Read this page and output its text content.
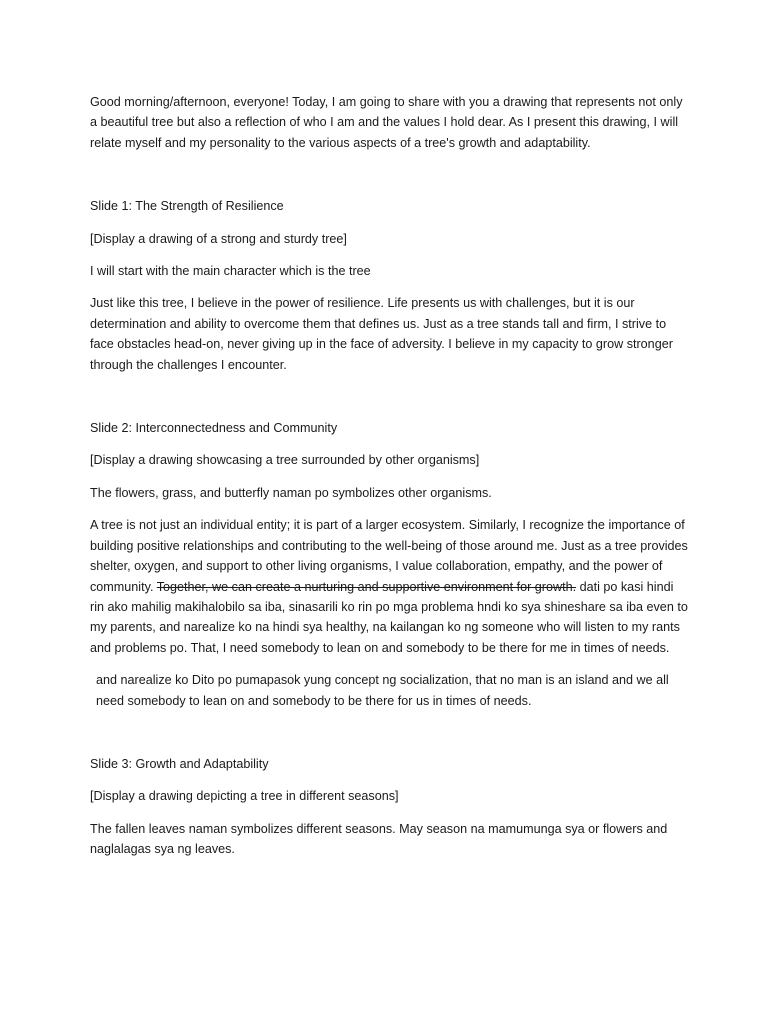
Good morning/afternoon, everyone! Today, I am going to share with you a drawing that represents not only a beautiful tree but also a reflection of who I am and the values I hold dear. As I present this drawing, I will relate myself and my personality to the various aspects of a tree's growth and adaptability.

Slide 1: The Strength of Resilience

[Display a drawing of a strong and sturdy tree]

I will start with the main character which is the tree

Just like this tree, I believe in the power of resilience. Life presents us with challenges, but it is our determination and ability to overcome them that defines us. Just as a tree stands tall and firm, I strive to face obstacles head-on, never giving up in the face of adversity. I believe in my capacity to grow stronger through the challenges I encounter.

Slide 2: Interconnectedness and Community

[Display a drawing showcasing a tree surrounded by other organisms]

The flowers, grass, and butterfly naman po symbolizes other organisms.

A tree is not just an individual entity; it is part of a larger ecosystem. Similarly, I recognize the importance of building positive relationships and contributing to the well-being of those around me. Just as a tree provides shelter, oxygen, and support to other living organisms, I value collaboration, empathy, and the power of community. Together, we can create a nurturing and supportive environment for growth. dati po kasi hindi rin ako mahilig makihalobilo sa iba, sinasarili ko rin po mga problema hndi ko sya shineshare sa iba even to my parents, and narealize ko na hindi sya healthy, na kailangan ko ng someone who will listen to my rants and problems po. That, I need somebody to lean on and somebody to be there for me in times of needs.

and narealize ko Dito po pumapasok yung concept ng socialization, that no man is an island and we all need somebody to lean on and somebody to be there for us in times of needs.

Slide 3: Growth and Adaptability

[Display a drawing depicting a tree in different seasons]

The fallen leaves naman symbolizes different seasons. May season na mamumunga sya or flowers and naglalagas sya ng leaves.
